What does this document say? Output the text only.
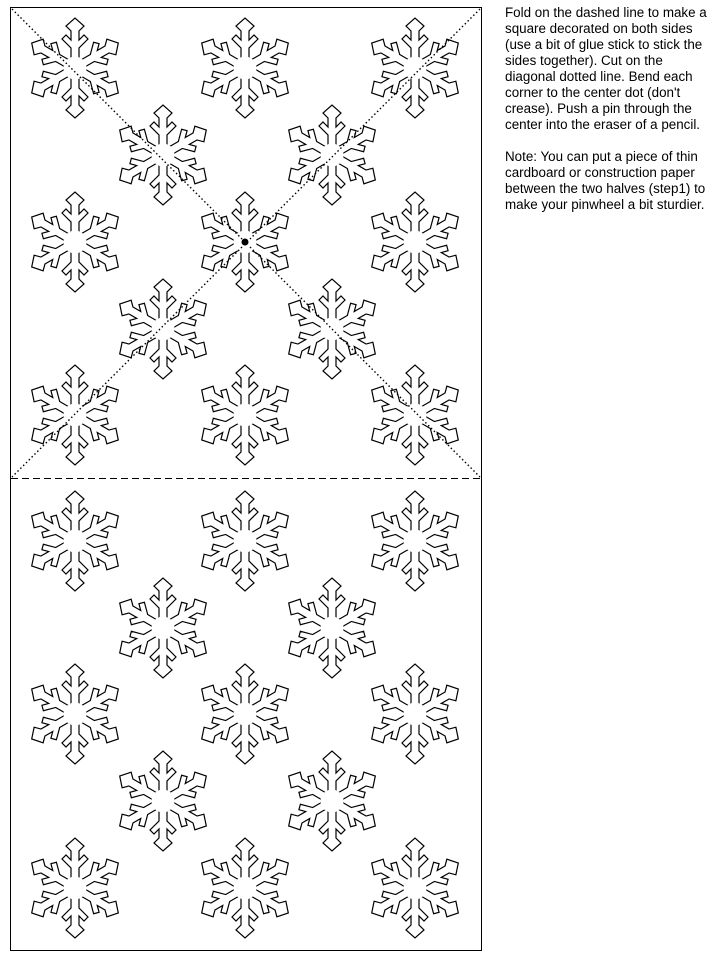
Fold on the dashed line to make a square decorated on both sides (use a bit of glue stick to stick the sides together). Cut on the diagonal dotted line. Bend each corner to the center dot (don't crease). Push a pin through the center into the eraser of a pencil.

Note: You can put a piece of thin cardboard or construction paper between the two halves (step1) to make your pinwheel a bit sturdier.
